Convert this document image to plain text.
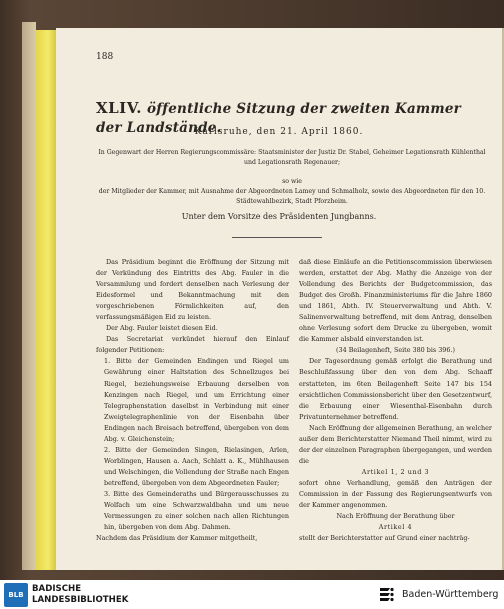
188
XLIV. öffentliche Sitzung der zweiten Kammer der Landstände.
Karlsruhe, den 21. April 1860.
In Gegenwart der Herren Regierungscommissäre: Staatsminister der Justiz Dr. Stabel, Geheimer Legationsrath Kühlenthal und Legationsrath Regenauer;
so wie
der Mitglieder der Kammer, mit Ausnahme der Abgeordneten Lamey und Schmalholz, sowie des Abgeordneten für den 10. Städtewahlbezirk, Stadt Pforzheim.
Unter dem Vorsitze des Präsidenten Jungbanns.

Das Präsidium beginnt die Eröffnung der Sitzung mit der Verkündung des Eintritts des Abg. Fauler in die Versammlung und fordert denselben nach Verlesung der Eidesformel und Bekanntmachung mit den vorgeschriebenen Förmlichkeiten auf, den verfassungsmäßigen Eid zu leisten.

Der Abg. Fauler leistet diesen Eid.

Das Secretariat verkündet hierauf den Einlauf folgender Petitionen:

1. Bitte der Gemeinden Endingen und Riegel um Gewährung einer Haltstation des Schnellzuges bei Riegel, beziehungsweise Erbauung derselben von Kenzingen nach Riegel, und um Errichtung einer Telegraphenstation daselbst in Verbindung mit einer Zweigtelegraphenlinie von der Eisenbahn über Endingen nach Breisach betreffend, übergeben von dem Abg. v. Gleichenstein;

2. Bitte der Gemeinden Singen, Rielasingen, Arlen, Worblingen, Hausen a. Aach, Schlatt a. K., Mühlhausen und Welschingen, die Vollendung der Straße nach Engen betreffend, übergeben von dem Abgeordneten Fauler;

3. Bitte des Gemeinderaths und Bürgerausschusses zu Wolfach um eine Schwarzwaldbahn und um neue Vermessungen zu einer solchen nach allen Richtungen hin, übergeben von dem Abg. Dahmen.

Nachdem das Präsidium der Kammer mitgetheilt,

daß diese Einläufe an die Petitionscommission überwiesen werden, erstattet der Abg. Mathy die Anzeige von der Vollendung des Berichts der Budgetcommission, das Budget des Großh. Finanzministeriums für die Jahre 1860 und 1861, Abth. IV. Steuerverwaltung und Abth. V. Salinenverwaltung betreffend, mit dem Antrag, denselben ohne Verlesung sofort dem Drucke zu übergeben, womit die Kammer alsbald einverstanden ist.

(34 Beilagenheft, Seite 380 bis 396.)

Der Tagesordnung gemäß erfolgt die Berathung und Beschlußfassung über den von dem Abg. Schaaff erstatteten, im 6ten Beilagenheft Seite 147 bis 154 ersichtlichen Commissionsbericht über den Gesetzentwurf, die Erbauung einer Wiesenthal-Eisenbahn durch Privatunternehmer betreffend.

Nach Eröffnung der allgemeinen Berathung, an welcher außer dem Berichterstatter Niemand Theil nimmt, wird zu der der einzelnen Paragraphen übergegangen, und werden die

Artikel 1, 2 und 3

sofort ohne Verhandlung, gemäß den Anträgen der Commission in der Fassung des Regierungsentwurfs von der Kammer angenommen.

Nach Eröffnung der Berathung über

Artikel 4

stellt der Berichterstatter auf Grund einer nachträg-

BLB
BADISCHE
LANDESBIBLIOTHEK	Baden-Württemberg
